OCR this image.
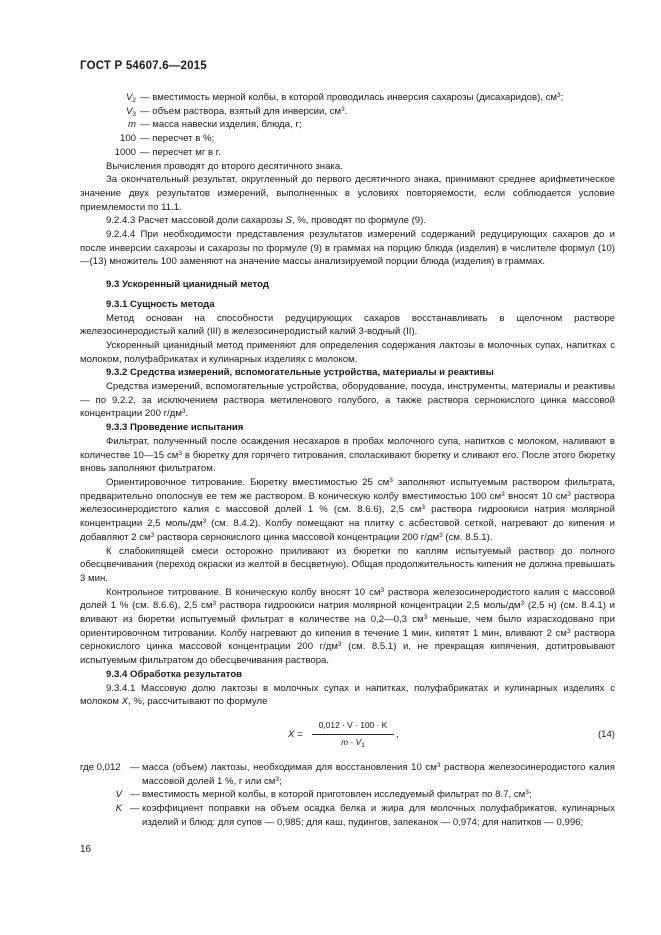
ГОСТ Р 54607.6—2015
$V_2$ — вместимость мерной колбы, в которой проводилась инверсия сахарозы (дисахаридов), $см^3$;
$V_3$ — объем раствора, взятый для инверсии, $см^3$.
m — масса навески изделия, блюда, г;
100 — пересчет в %;
1000 — пересчет мг в г.

Вычисления проводят до второго десятичного знака.

За окончательный результат, округленный до первого десятичного знака, принимают среднее арифметическое значение двух результатов измерений, выполненных в условиях повторяемости, если соблюдается условие приемлемости по 11.1.

9.2.4.3 Расчет массовой доли сахарозы S, %, проводят по формуле (9).

9.2.4.4 При необходимости представления результатов измерений содержаний редуцирующих сахаров до и после инверсии сахарозы и сахарозы по формуле (9) в граммах на порцию блюда (изделия) в числителе формул (10)—(13) множитель 100 заменяют на значение массы анализируемой порции блюда (изделия) в граммах.

9.3 Ускоренный цианидный метод

9.3.1 Сущность метода

Метод основан на способности редуцирующих сахаров восстанавливать в щелочном растворе железосинеродистый калий (III) в железосинеродистый калий 3-водный (II).

Ускоренный цианидный метод применяют для определения содержания лактозы в молочных супах, напитках с молоком, полуфабрикатах и кулинарных изделиях с молоком.

9.3.2 Средства измерений, вспомогательные устройства, материалы и реактивы

Средства измерений, вспомогательные устройства, оборудование, посуда, инструменты, материалы и реактивы — по 9.2.2, за исключением раствора метиленового голубого, а также раствора сернокислого цинка массовой концентрации 200 $г/дм^3$.

9.3.3 Проведение испытания

Фильтрат, полученный после осаждения несахаров в пробах молочного супа, напитков с молоком, наливают в количестве 10—15 $см^3$ в бюретку для горячего титрования, споласкивают бюретку и сливают его. После этого бюретку вновь заполняют фильтратом.

Ориентировочное титрование. Бюретку вместимостью 25 $см^3$ заполняют испытуемым раствором фильтрата, предварительно ополоснув ее тем же раствором. В коническую колбу вместимостью 100 $см^3$ вносят 10 $см^3$ раствора железосинеродистого калия с массовой долей 1 % (см. 8.6.6), 2,5 $см^3$ раствора гидроокиси натрия молярной концентрации 2,5 моль/$дм^3$ (см. 8.4.2). Колбу помещают на плитку с асбестовой сеткой, нагревают до кипения и добавляют 2 $см^3$ раствора сернокислого цинка массовой концентрации 200 $г/дм^3$ (см. 8.5.1).

К слабокипящей смеси осторожно приливают из бюретки по каплям испытуемый раствор до полного обесцвечивания (переход окраски из желтой в бесцветную). Общая продолжительность кипения не должна превышать 3 мин.

Контрольное титрование. В коническую колбу вносят 10 $см^3$ раствора железосинеродистого калия с массовой долей 1 % (см. 8.6.6), 2,5 $см^3$ раствора гидроокиси натрия молярной концентрации 2,5 моль/$дм^3$ (2,5 н) (см. 8.4.1) и вливают из бюретки испытуемый фильтрат в количестве на 0,2—0,3 $см^3$ меньше, чем было израсходовано при ориентировочном титровании. Колбу нагревают до кипения в течение 1 мин, кипятят 1 мин, вливают 2 $см^3$ раствора сернокислого цинка массовой концентрации 200 $г/дм^3$ (см. 8.5.1) и, не прекращая кипячения, дотитровывают испытуемым фильтратом до обесцвечивания раствора.

9.3.4 Обработка результатов

9.3.4.1 Массовую долю лактозы в молочных супах и напитках, полуфабрикатах и кулинарных изделиях с молоком X, %, рассчитывают по формуле

$X = \frac{0,012 \cdot V \cdot 100 \cdot K}{m \cdot V_1}$ ,	(14)
где 0,012 — масса (объем) лактозы, необходимая для восстановления 10 $см^3$ раствора железосинеродистого калия массовой долей 1 %, г или $см^3$;
V — вместимость мерной колбы, в которой приготовлен исследуемый фильтрат по 8.7, $см^3$;
K — коэффициент поправки на объем осадка белка и жира для молочных полуфабрикатов, кулинарных изделий и блюд: для супов — 0,985; для каш, пудингов, запеканок — 0,974; для напитков — 0,996;
16
